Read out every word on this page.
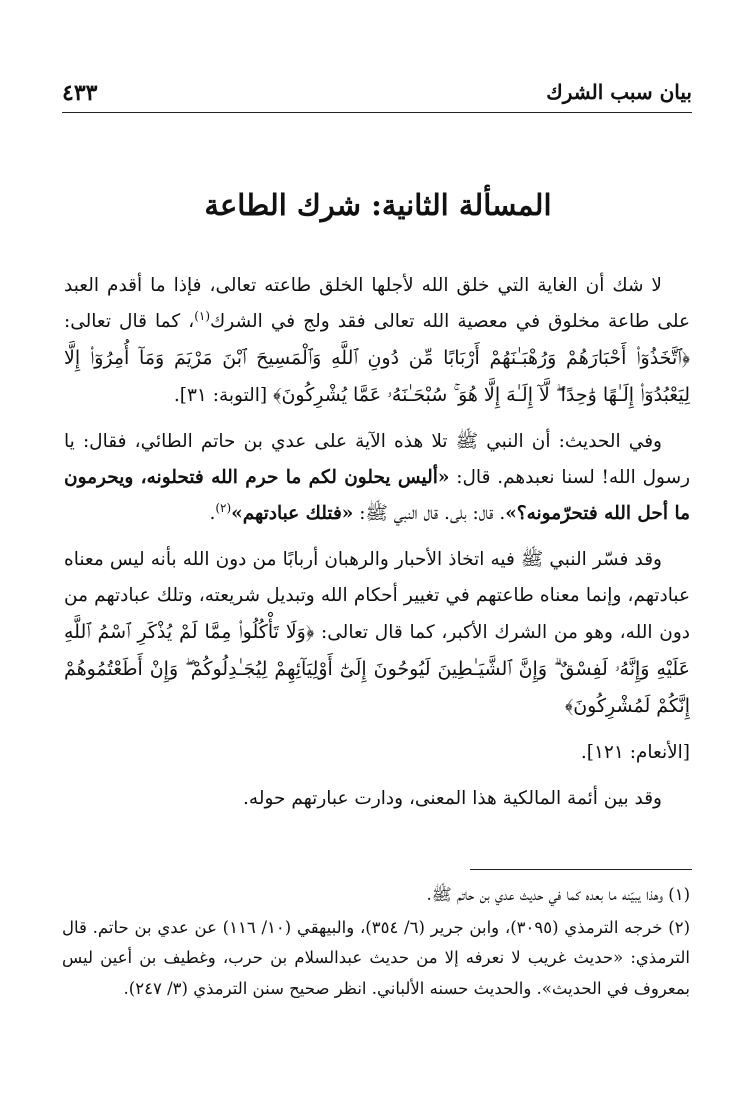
بيان سبب الشرك
٤٣٣
المسألة الثانية: شرك الطاعة

لا شك أن الغاية التي خلق الله لأجلها الخلق طاعته تعالى، فإذا ما أقدم العبد على طاعة مخلوق في معصية الله تعالى فقد ولج في الشرك$^{(١)}$، كما قال تعالى: ﴿ٱتَّخَذُوٓا۟ أَحْبَارَهُمْ وَرُهْبَـٰنَهُمْ أَرْبَابًا مِّن دُونِ ٱللَّهِ وَٱلْمَسِيحَ ٱبْنَ مَرْيَمَ وَمَآ أُمِرُوٓا۟ إِلَّا لِيَعْبُدُوٓا۟ إِلَـٰهًا وَٰحِدًا ۖ لَّآ إِلَـٰهَ إِلَّا هُوَ ۚ سُبْحَـٰنَهُۥ عَمَّا يُشْرِكُونَ﴾ [التوبة: ٣١].

وفي الحديث: أن النبي ﷺ تلا هذه الآية على عدي بن حاتم الطائي، فقال: يا رسول الله! لسنا نعبدهم. قال: «أليس يحلون لكم ما حرم الله فتحلونه، ويحرمون ما أحل الله فتحرّمونه؟». قال: بلى. قال النبي ﷺ: «فتلك عبادتهم»$^{(٢)}$.

وقد فسّر النبي ﷺ فيه اتخاذ الأحبار والرهبان أربابًا من دون الله بأنه ليس معناه عبادتهم، وإنما معناه طاعتهم في تغيير أحكام الله وتبديل شريعته، وتلك عبادتهم من دون الله، وهو من الشرك الأكبر، كما قال تعالى: ﴿وَلَا تَأْكُلُوا۟ مِمَّا لَمْ يُذْكَرِ ٱسْمُ ٱللَّهِ عَلَيْهِ وَإِنَّهُۥ لَفِسْقٌ ۗ وَإِنَّ ٱلشَّيَـٰطِينَ لَيُوحُونَ إِلَىٰٓ أَوْلِيَآئِهِمْ لِيُجَـٰدِلُوكُمْ ۖ وَإِنْ أَطَعْتُمُوهُمْ إِنَّكُمْ لَمُشْرِكُونَ﴾

[الأنعام: ١٢١].

وقد بين أئمة المالكية هذا المعنى، ودارت عبارتهم حوله.

(١) وهذا يبيّنه ما بعده كما في حديث عدي بن حاتم ﷺ.

(٢) خرجه الترمذي (٣٠٩٥)، وابن جرير (٦/ ٣٥٤)، والبيهقي (١٠/ ١١٦) عن عدي بن حاتم. قال الترمذي: «حديث غريب لا نعرفه إلا من حديث عبدالسلام بن حرب، وغطيف بن أعين ليس بمعروف في الحديث». والحديث حسنه الألباني. انظر صحيح سنن الترمذي (٣/ ٢٤٧).
